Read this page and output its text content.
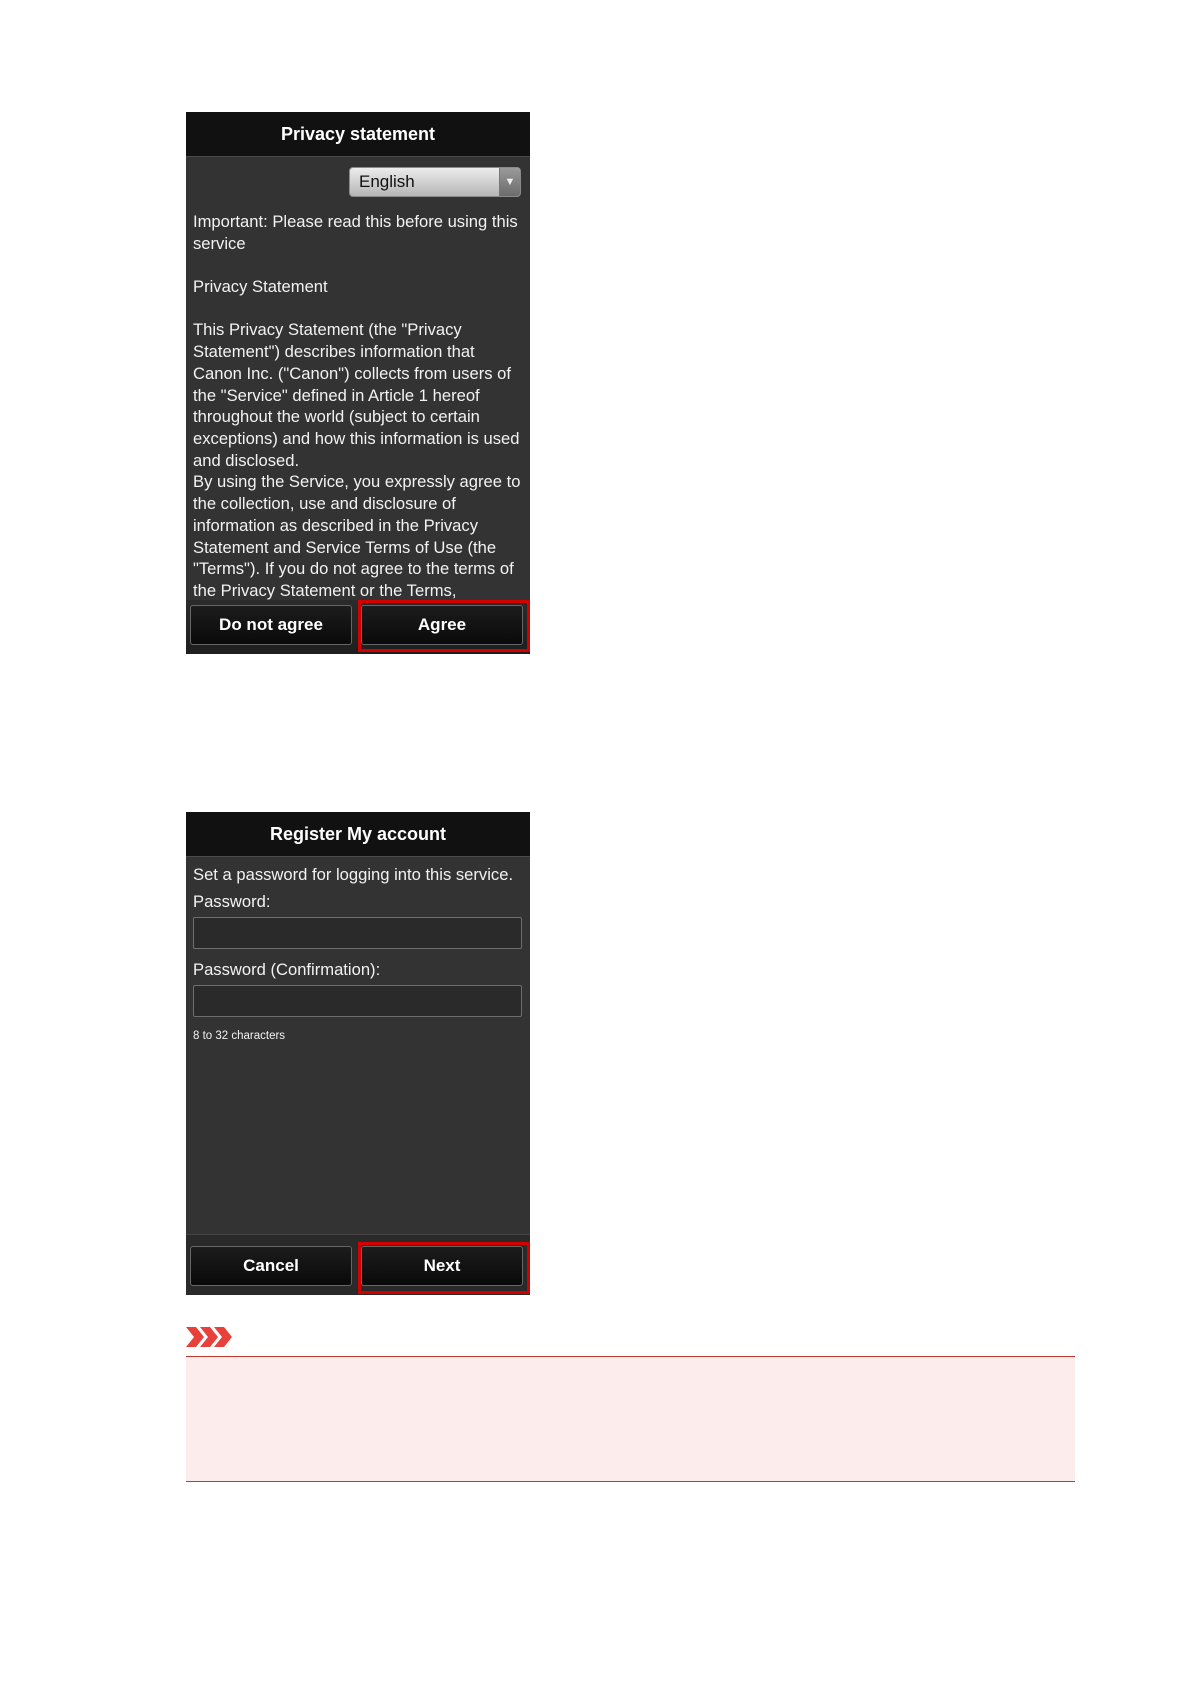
Privacy statement
English	▼

Important: Please read this before using this service

Privacy Statement

This Privacy Statement (the "Privacy Statement") describes information that Canon Inc. ("Canon") collects from users of the "Service" defined in Article 1 hereof throughout the world (subject to certain exceptions) and how this information is used and disclosed.

By using the Service, you expressly agree to the collection, use and disclosure of information as described in the Privacy Statement and Service Terms of Use (the "Terms"). If you do not agree to the terms of the Privacy Statement or the Terms,

Do not agree	Agree
Register My account
Set a password for logging into this service.
Password:
Password (Confirmation):
8 to 32 characters
Cancel	Next
